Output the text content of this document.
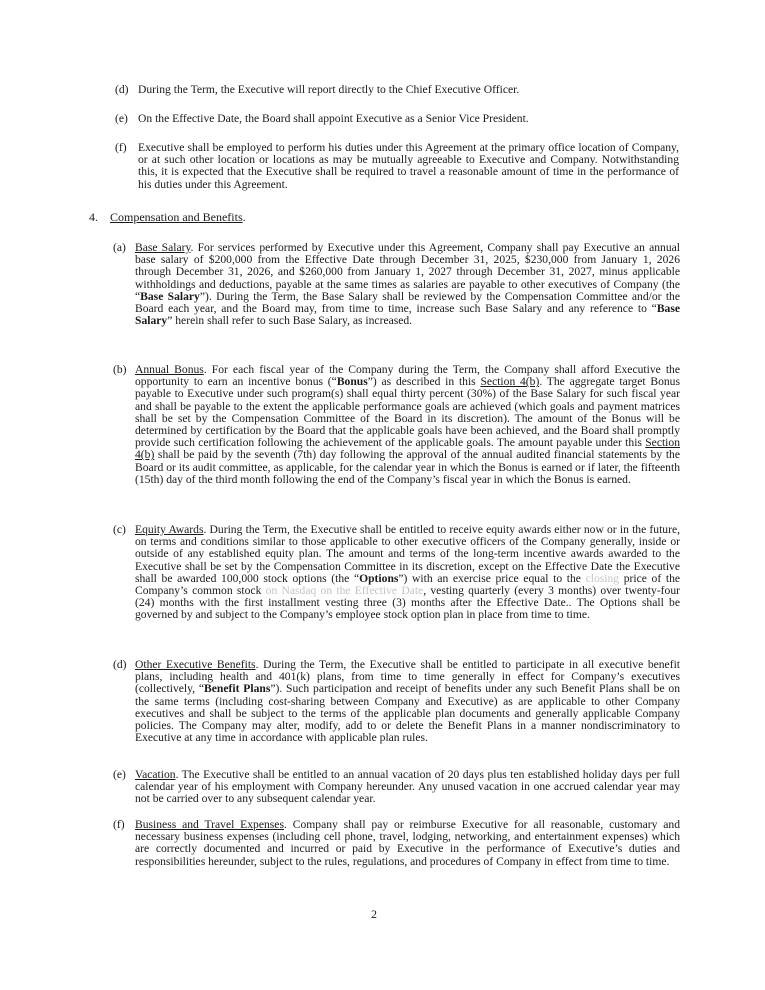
(d) During the Term, the Executive will report directly to the Chief Executive Officer.
(e) On the Effective Date, the Board shall appoint Executive as a Senior Vice President.
(f) Executive shall be employed to perform his duties under this Agreement at the primary office location of Company, or at such other location or locations as may be mutually agreeable to Executive and Company. Notwithstanding this, it is expected that the Executive shall be required to travel a reasonable amount of time in the performance of his duties under this Agreement.
4. Compensation and Benefits.
(a) Base Salary. For services performed by Executive under this Agreement, Company shall pay Executive an annual base salary of $200,000 from the Effective Date through December 31, 2025, $230,000 from January 1, 2026 through December 31, 2026, and $260,000 from January 1, 2027 through December 31, 2027, minus applicable withholdings and deductions, payable at the same times as salaries are payable to other executives of Company (the “Base Salary”). During the Term, the Base Salary shall be reviewed by the Compensation Committee and/or the Board each year, and the Board may, from time to time, increase such Base Salary and any reference to “Base Salary” herein shall refer to such Base Salary, as increased.
(b) Annual Bonus. For each fiscal year of the Company during the Term, the Company shall afford Executive the opportunity to earn an incentive bonus (“Bonus”) as described in this Section 4(b). The aggregate target Bonus payable to Executive under such program(s) shall equal thirty percent (30%) of the Base Salary for such fiscal year and shall be payable to the extent the applicable performance goals are achieved (which goals and payment matrices shall be set by the Compensation Committee of the Board in its discretion). The amount of the Bonus will be determined by certification by the Board that the applicable goals have been achieved, and the Board shall promptly provide such certification following the achievement of the applicable goals. The amount payable under this Section 4(b) shall be paid by the seventh (7th) day following the approval of the annual audited financial statements by the Board or its audit committee, as applicable, for the calendar year in which the Bonus is earned or if later, the fifteenth (15th) day of the third month following the end of the Company’s fiscal year in which the Bonus is earned.
(c) Equity Awards. During the Term, the Executive shall be entitled to receive equity awards either now or in the future, on terms and conditions similar to those applicable to other executive officers of the Company generally, inside or outside of any established equity plan. The amount and terms of the long-term incentive awards awarded to the Executive shall be set by the Compensation Committee in its discretion, except on the Effective Date the Executive shall be awarded 100,000 stock options (the “Options”) with an exercise price equal to the closing price of the Company’s common stock on Nasdaq on the Effective Date, vesting quarterly (every 3 months) over twenty-four (24) months with the first installment vesting three (3) months after the Effective Date.. The Options shall be governed by and subject to the Company’s employee stock option plan in place from time to time.
(d) Other Executive Benefits. During the Term, the Executive shall be entitled to participate in all executive benefit plans, including health and 401(k) plans, from time to time generally in effect for Company’s executives (collectively, “Benefit Plans”). Such participation and receipt of benefits under any such Benefit Plans shall be on the same terms (including cost-sharing between Company and Executive) as are applicable to other Company executives and shall be subject to the terms of the applicable plan documents and generally applicable Company policies. The Company may alter, modify, add to or delete the Benefit Plans in a manner nondiscriminatory to Executive at any time in accordance with applicable plan rules.
(e) Vacation. The Executive shall be entitled to an annual vacation of 20 days plus ten established holiday days per full calendar year of his employment with Company hereunder. Any unused vacation in one accrued calendar year may not be carried over to any subsequent calendar year.
(f) Business and Travel Expenses. Company shall pay or reimburse Executive for all reasonable, customary and necessary business expenses (including cell phone, travel, lodging, networking, and entertainment expenses) which are correctly documented and incurred or paid by Executive in the performance of Executive’s duties and responsibilities hereunder, subject to the rules, regulations, and procedures of Company in effect from time to time.
2
